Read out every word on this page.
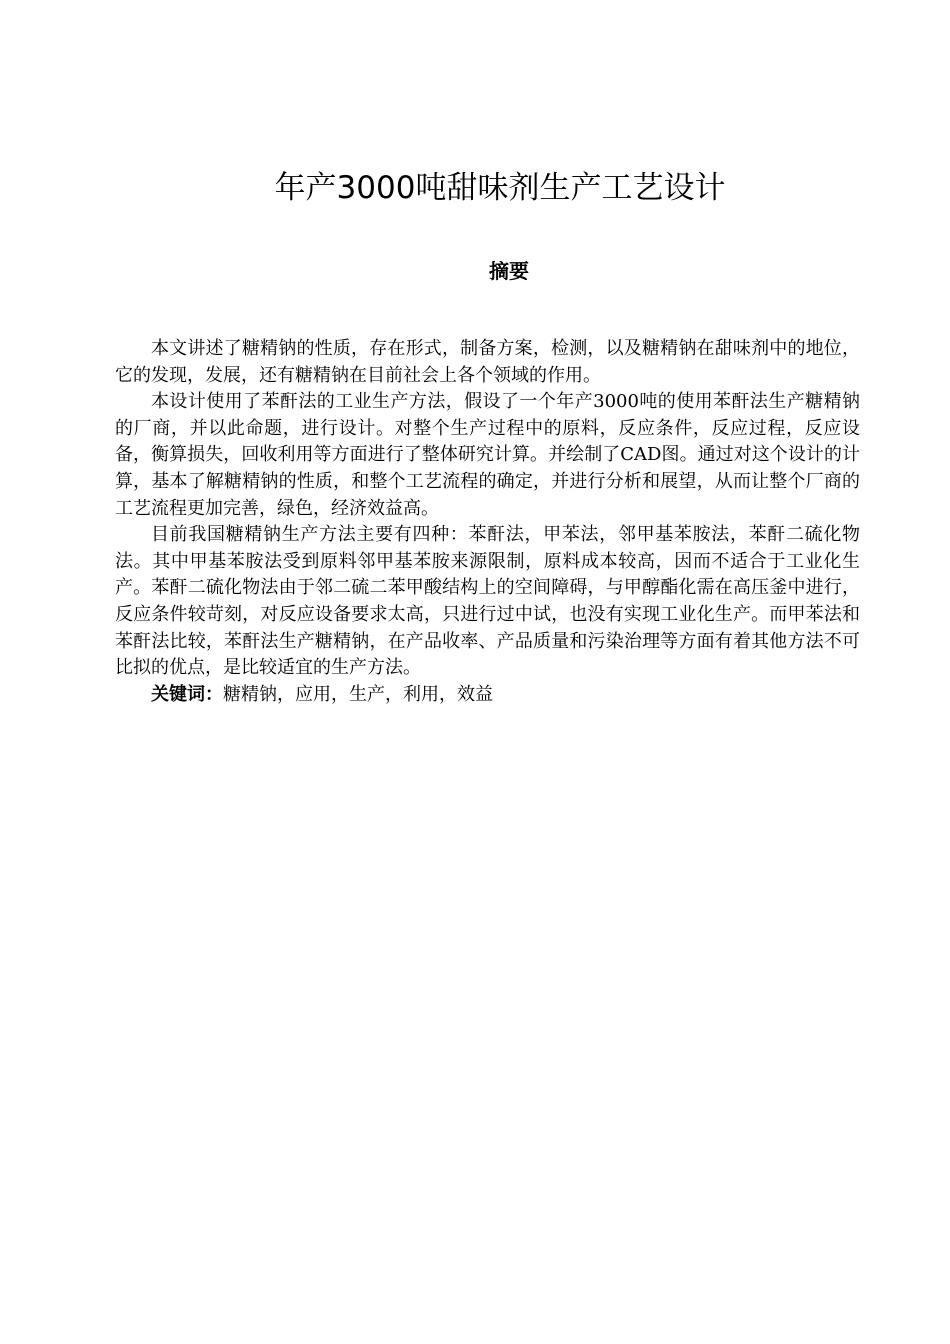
年产3000吨甜味剂生产工艺设计
摘要

本文讲述了糖精钠的性质，存在形式，制备方案，检测，以及糖精钠在甜味剂中的地位，它的发现，发展，还有糖精钠在目前社会上各个领域的作用。

本设计使用了苯酐法的工业生产方法，假设了一个年产3000吨的使用苯酐法生产糖精钠的厂商，并以此命题，进行设计。对整个生产过程中的原料，反应条件，反应过程，反应设备，衡算损失，回收利用等方面进行了整体研究计算。并绘制了CAD图。通过对这个设计的计算，基本了解糖精钠的性质，和整个工艺流程的确定，并进行分析和展望，从而让整个厂商的工艺流程更加完善，绿色，经济效益高。

目前我国糖精钠生产方法主要有四种：苯酐法，甲苯法，邻甲基苯胺法，苯酐二硫化物法。其中甲基苯胺法受到原料邻甲基苯胺来源限制，原料成本较高，因而不适合于工业化生产。苯酐二硫化物法由于邻二硫二苯甲酸结构上的空间障碍，与甲醇酯化需在高压釜中进行，反应条件较苛刻，对反应设备要求太高，只进行过中试，也没有实现工业化生产。而甲苯法和苯酐法比较，苯酐法生产糖精钠，在产品收率、产品质量和污染治理等方面有着其他方法不可比拟的优点，是比较适宜的生产方法。

关键词：糖精钠，应用，生产，利用，效益
